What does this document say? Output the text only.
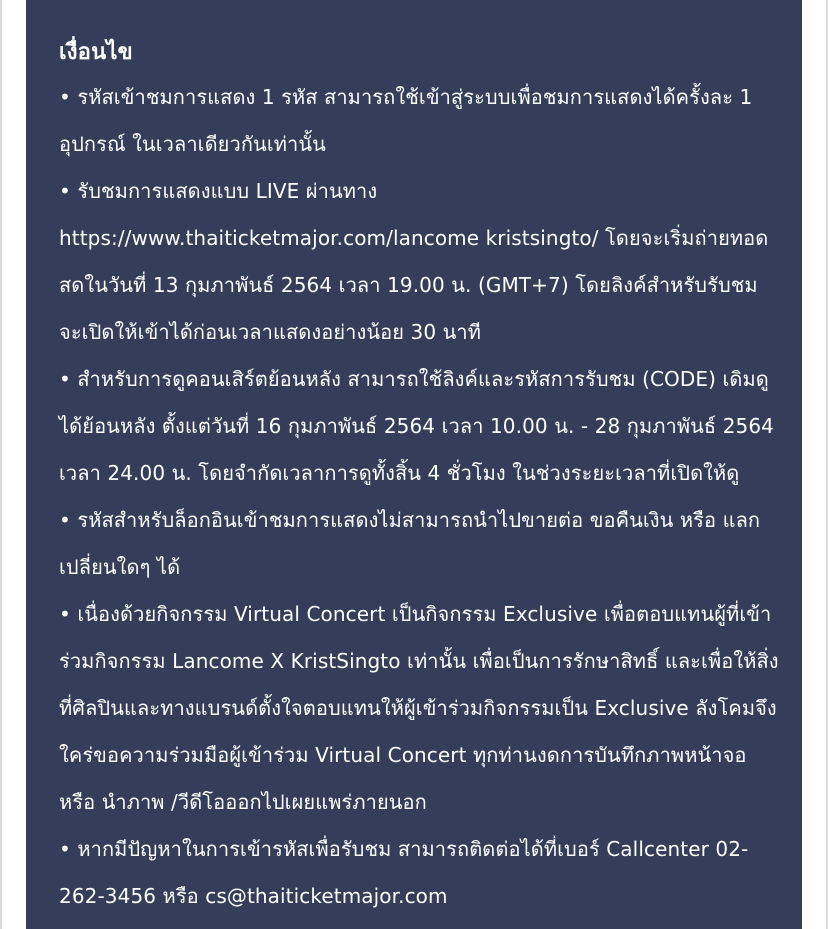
เงื่อนไข

• รหัสเข้าชมการแสดง 1 รหัส สามารถใช้เข้าสู่ระบบเพื่อชมการแสดงได้ครั้งละ 1 อุปกรณ์ ในเวลาเดียวกันเท่านั้น

• รับชมการแสดงแบบ LIVE ผ่านทาง https://www.thaiticketmajor.com/lancome kristsingto/ โดยจะเริ่มถ่ายทอดสดในวันที่ 13 กุมภาพันธ์ 2564 เวลา 19.00 น. (GMT+7) โดยลิงค์สำหรับรับชม จะเปิดให้เข้าได้ก่อนเวลาแสดงอย่างน้อย 30 นาที

• สำหรับการดูคอนเสิร์ตย้อนหลัง สามารถใช้ลิงค์และรหัสการรับชม (CODE) เดิมดูได้ย้อนหลัง ตั้งแต่วันที่ 16 กุมภาพันธ์ 2564 เวลา 10.00 น. - 28 กุมภาพันธ์ 2564 เวลา 24.00 น. โดยจำกัดเวลาการดูทั้งสิ้น 4 ชั่วโมง ในช่วงระยะเวลาที่เปิดให้ดู

• รหัสสำหรับล็อกอินเข้าชมการแสดงไม่สามารถนำไปขายต่อ ขอคืนเงิน หรือ แลกเปลี่ยนใดๆ ได้

• เนื่องด้วยกิจกรรม Virtual Concert เป็นกิจกรรม Exclusive เพื่อตอบแทนผู้ที่เข้าร่วมกิจกรรม Lancome X KristSingto เท่านั้น เพื่อเป็นการรักษาสิทธิ์ และเพื่อให้สิ่งที่ศิลปินและทางแบรนด์ตั้งใจตอบแทนให้ผู้เข้าร่วมกิจกรรมเป็น Exclusive ลังโคมจึงใคร่ขอความร่วมมือผู้เข้าร่วม Virtual Concert ทุกท่านงดการบันทึกภาพหน้าจอ หรือ นำภาพ /วีดีโอออกไปเผยแพร่ภายนอก

• หากมีปัญหาในการเข้ารหัสเพื่อรับชม สามารถติดต่อได้ที่เบอร์ Callcenter 02-262-3456 หรือ cs@thaiticketmajor.com
